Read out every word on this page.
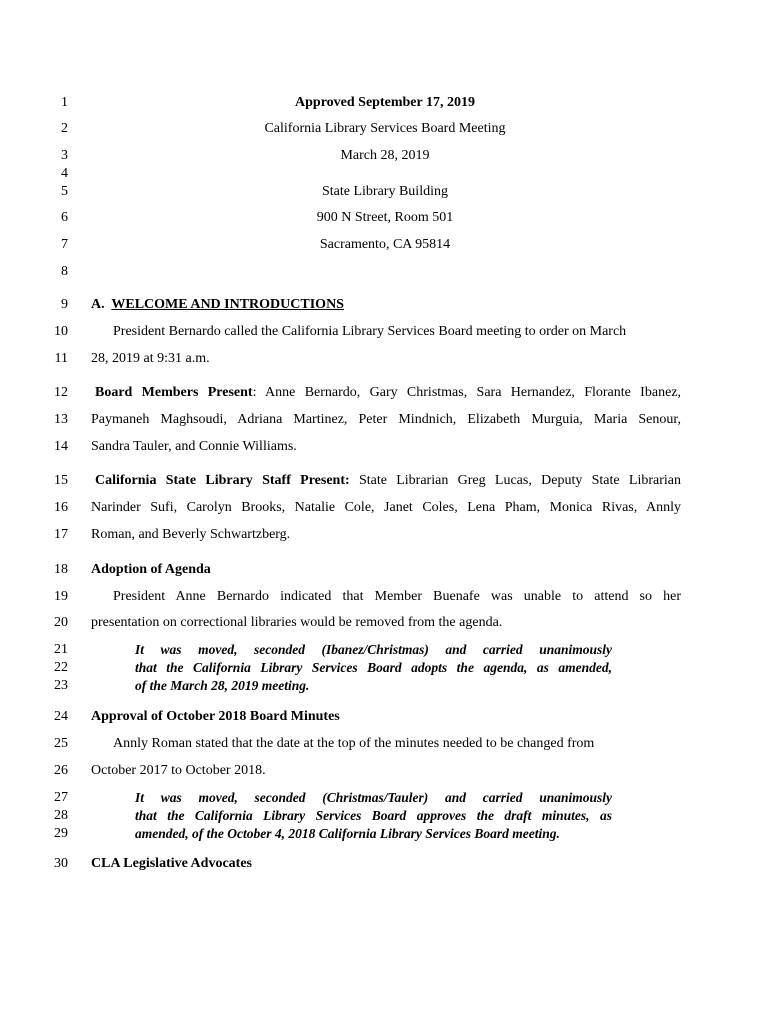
1
2
3
4
5
6
7
8
9
10
11
12
13
14
15
16
17
18
19
20
21
22
23
24
25
26
27
28
29
30
Approved September 17, 2019
California Library Services Board Meeting
March 28, 2019
State Library Building
900 N Street, Room 501
Sacramento, CA 95814
A. WELCOME AND INTRODUCTIONS
President Bernardo called the California Library Services Board meeting to order on March
28, 2019 at 9:31 a.m.
Board Members Present: Anne Bernardo, Gary Christmas, Sara Hernandez, Florante Ibanez,
Paymaneh Maghsoudi, Adriana Martinez, Peter Mindnich, Elizabeth Murguia, Maria Senour,
Sandra Tauler, and Connie Williams.
California State Library Staff Present: State Librarian Greg Lucas, Deputy State Librarian
Narinder Sufi, Carolyn Brooks, Natalie Cole, Janet Coles, Lena Pham, Monica Rivas, Annly
Roman, and Beverly Schwartzberg.
Adoption of Agenda
President Anne Bernardo indicated that Member Buenafe was unable to attend so her
presentation on correctional libraries would be removed from the agenda.
It was moved, seconded (Ibanez/Christmas) and carried unanimously
that the California Library Services Board adopts the agenda, as amended,
of the March 28, 2019 meeting.
Approval of October 2018 Board Minutes
Annly Roman stated that the date at the top of the minutes needed to be changed from
October 2017 to October 2018.
It was moved, seconded (Christmas/Tauler) and carried unanimously
that the California Library Services Board approves the draft minutes, as
amended, of the October 4, 2018 California Library Services Board meeting.
CLA Legislative Advocates
